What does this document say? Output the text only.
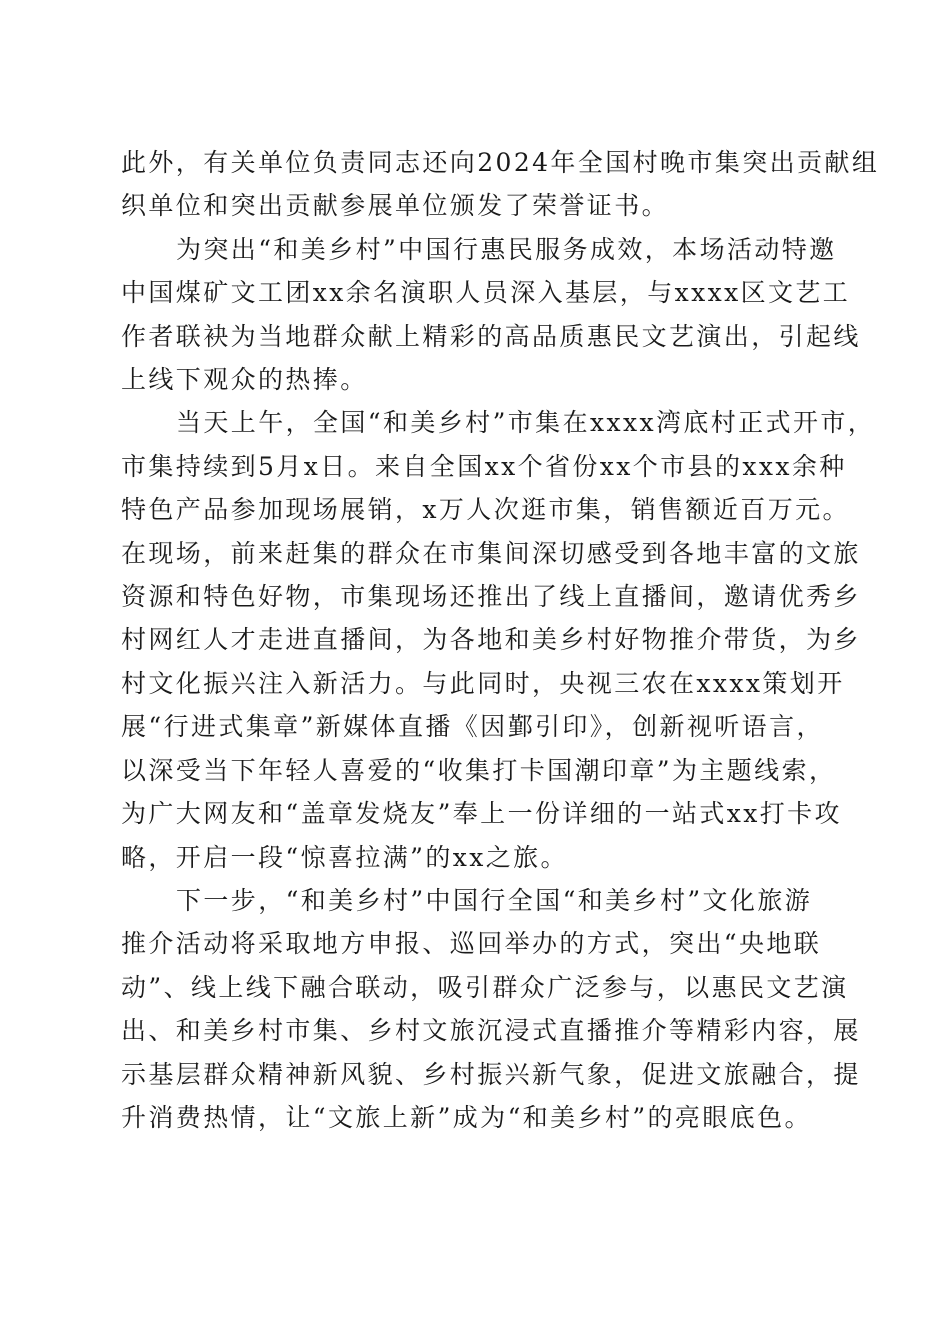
此外，有关单位负责同志还向2024年全国村晚市集突出贡献组
织单位和突出贡献参展单位颁发了荣誉证书。
为突出“和美乡村”中国行惠民服务成效，本场活动特邀
中国煤矿文工团xx余名演职人员深入基层，与xxxx区文艺工
作者联袂为当地群众献上精彩的高品质惠民文艺演出，引起线
上线下观众的热捧。
当天上午，全国“和美乡村”市集在xxxx湾底村正式开市，
市集持续到5月x日。来自全国xx个省份xx个市县的xxx余种
特色产品参加现场展销，x万人次逛市集，销售额近百万元。
在现场，前来赶集的群众在市集间深切感受到各地丰富的文旅
资源和特色好物，市集现场还推出了线上直播间，邀请优秀乡
村网红人才走进直播间，为各地和美乡村好物推介带货，为乡
村文化振兴注入新活力。与此同时，央视三农在xxxx策划开
展“行进式集章”新媒体直播《因鄞引印》，创新视听语言，
以深受当下年轻人喜爱的“收集打卡国潮印章”为主题线索，
为广大网友和“盖章发烧友”奉上一份详细的一站式xx打卡攻
略，开启一段“惊喜拉满”的xx之旅。
下一步，“和美乡村”中国行全国“和美乡村”文化旅游
推介活动将采取地方申报、巡回举办的方式，突出“央地联
动”、线上线下融合联动，吸引群众广泛参与，以惠民文艺演
出、和美乡村市集、乡村文旅沉浸式直播推介等精彩内容，展
示基层群众精神新风貌、乡村振兴新气象，促进文旅融合，提
升消费热情，让“文旅上新”成为“和美乡村”的亮眼底色。
